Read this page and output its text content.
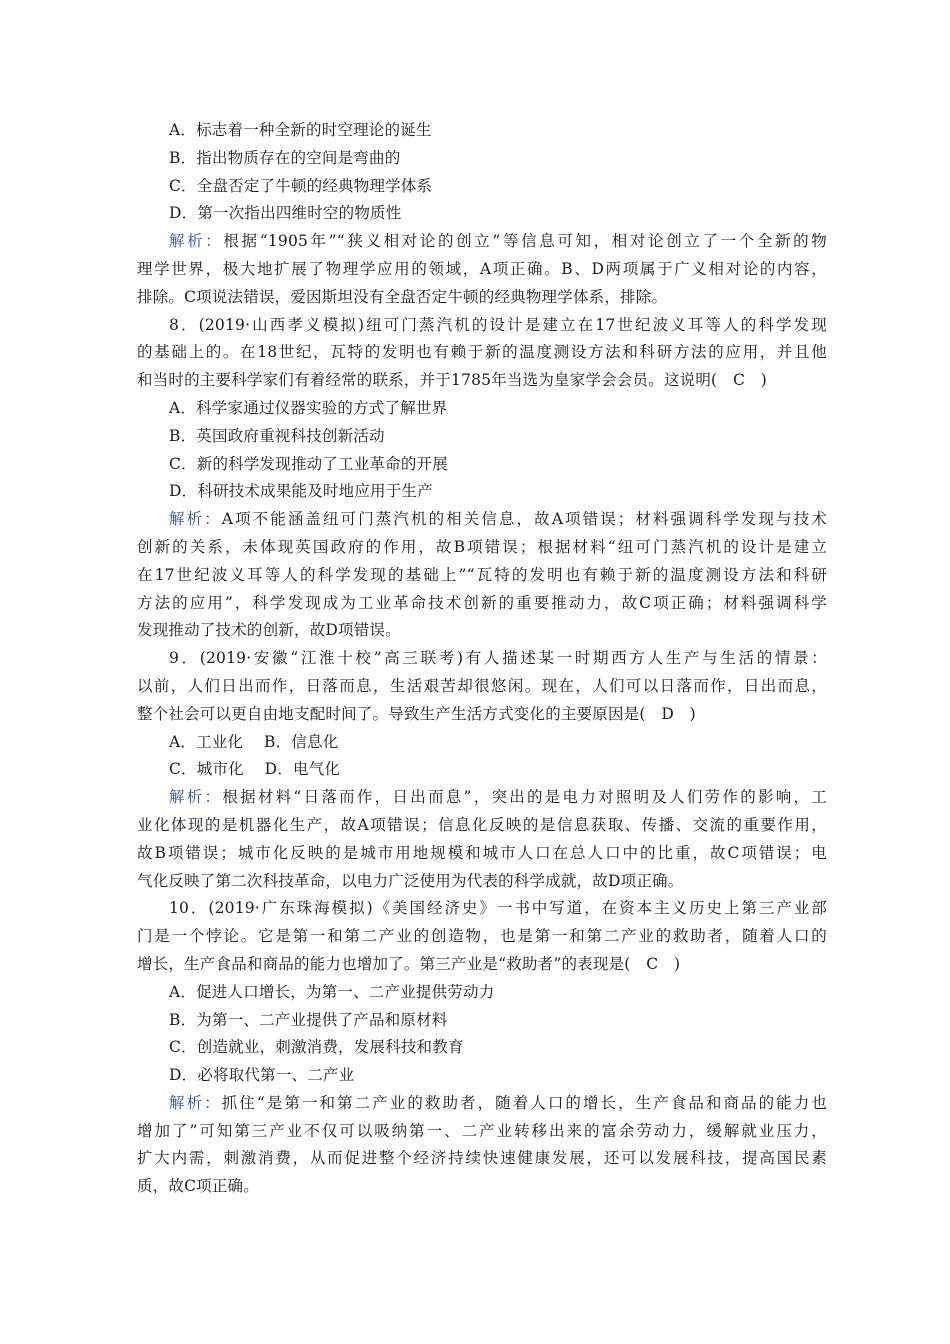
A．标志着一种全新的时空理论的诞生
B．指出物质存在的空间是弯曲的
C．全盘否定了牛顿的经典物理学体系
D．第一次指出四维时空的物质性
解析：根据“1905年”“狭义相对论的创立”等信息可知，相对论创立了一个全新的物
理学世界，极大地扩展了物理学应用的领域，A项正确。B、D两项属于广义相对论的内容，
排除。C项说法错误，爱因斯坦没有全盘否定牛顿的经典物理学体系，排除。
8．(2019·山西孝义模拟)纽可门蒸汽机的设计是建立在17世纪波义耳等人的科学发现
的基础上的。在18世纪，瓦特的发明也有赖于新的温度测设方法和科研方法的应用，并且他
和当时的主要科学家们有着经常的联系，并于1785年当选为皇家学会会员。这说明(　C　)
A．科学家通过仪器实验的方式了解世界
B．英国政府重视科技创新活动
C．新的科学发现推动了工业革命的开展
D．科研技术成果能及时地应用于生产
解析：A项不能涵盖纽可门蒸汽机的相关信息，故A项错误；材料强调科学发现与技术
创新的关系，未体现英国政府的作用，故B项错误；根据材料“纽可门蒸汽机的设计是建立
在17世纪波义耳等人的科学发现的基础上”“瓦特的发明也有赖于新的温度测设方法和科研
方法的应用”，科学发现成为工业革命技术创新的重要推动力，故C项正确；材料强调科学
发现推动了技术的创新，故D项错误。
9．(2019·安徽“江淮十校”高三联考)有人描述某一时期西方人生产与生活的情景：
以前，人们日出而作，日落而息，生活艰苦却很悠闲。现在，人们可以日落而作，日出而息，
整个社会可以更自由地支配时间了。导致生产生活方式变化的主要原因是(　D　)
A．工业化　 B．信息化
C．城市化　 D．电气化
解析：根据材料“日落而作，日出而息”，突出的是电力对照明及人们劳作的影响，工
业化体现的是机器化生产，故A项错误；信息化反映的是信息获取、传播、交流的重要作用，
故B项错误；城市化反映的是城市用地规模和城市人口在总人口中的比重，故C项错误；电
气化反映了第二次科技革命，以电力广泛使用为代表的科学成就，故D项正确。
10．(2019·广东珠海模拟)《美国经济史》一书中写道，在资本主义历史上第三产业部
门是一个悖论。它是第一和第二产业的创造物，也是第一和第二产业的救助者，随着人口的
增长，生产食品和商品的能力也增加了。第三产业是“救助者”的表现是(　C　)
A．促进人口增长，为第一、二产业提供劳动力
B．为第一、二产业提供了产品和原材料
C．创造就业，刺激消费，发展科技和教育
D．必将取代第一、二产业
解析：抓住“是第一和第二产业的救助者，随着人口的增长，生产食品和商品的能力也
增加了”可知第三产业不仅可以吸纳第一、二产业转移出来的富余劳动力，缓解就业压力，
扩大内需，刺激消费，从而促进整个经济持续快速健康发展，还可以发展科技，提高国民素
质，故C项正确。
